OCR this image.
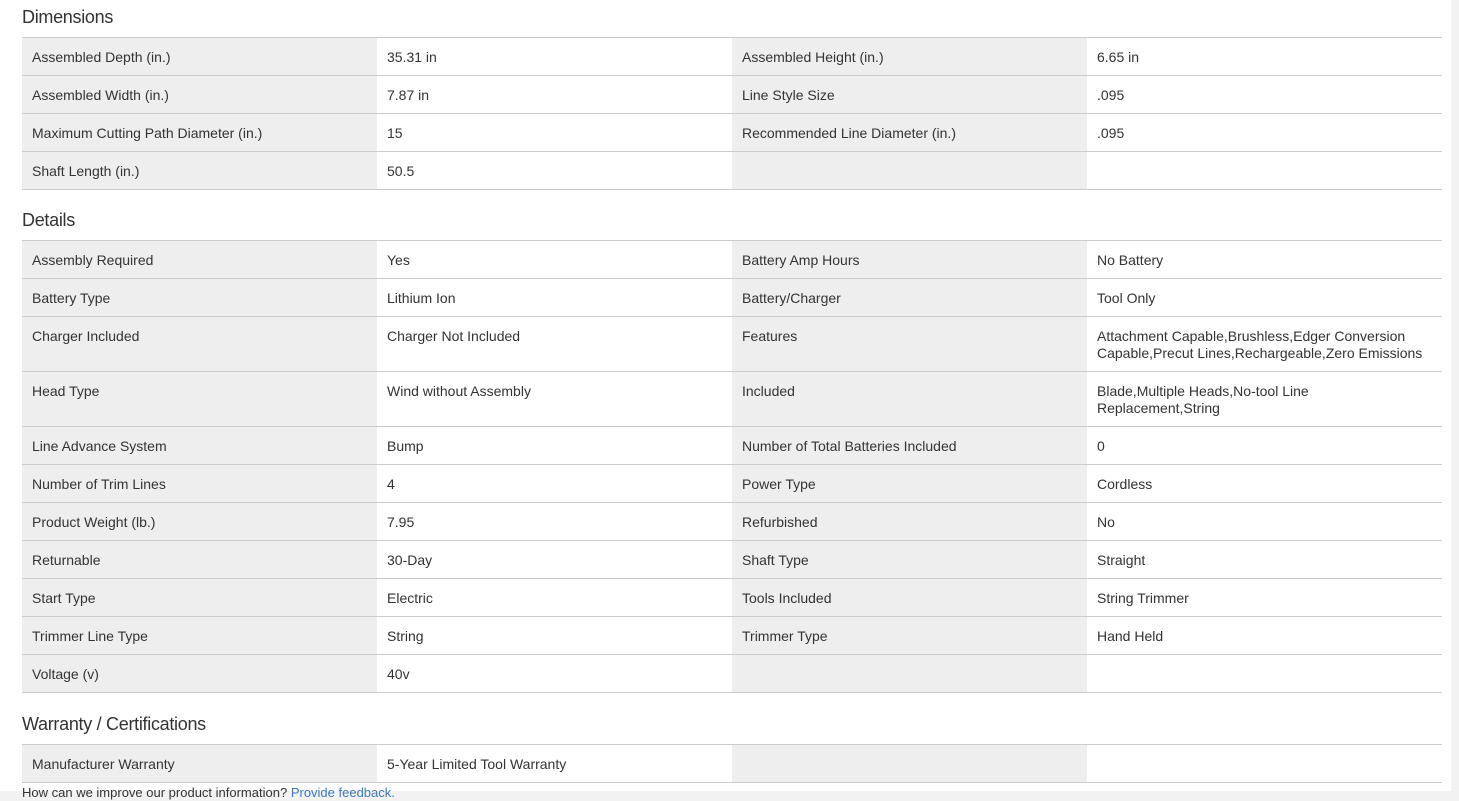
Dimensions
Assembled Depth (in.)	35.31 in	Assembled Height (in.)	6.65 in
Assembled Width (in.)	7.87 in	Line Style Size	.095
Maximum Cutting Path Diameter (in.)	15	Recommended Line Diameter (in.)	.095
Shaft Length (in.)	50.5
Details
Assembly Required	Yes	Battery Amp Hours	No Battery
Battery Type	Lithium Ion	Battery/Charger	Tool Only
Charger Included	Charger Not Included	Features	Attachment Capable,Brushless,Edger Conversion Capable,Precut Lines,Rechargeable,Zero Emissions
Head Type	Wind without Assembly	Included	Blade,Multiple Heads,No-tool Line Replacement,String
Line Advance System	Bump	Number of Total Batteries Included	0
Number of Trim Lines	4	Power Type	Cordless
Product Weight (lb.)	7.95	Refurbished	No
Returnable	30-Day	Shaft Type	Straight
Start Type	Electric	Tools Included	String Trimmer
Trimmer Line Type	String	Trimmer Type	Hand Held
Voltage (v)	40v
Warranty / Certifications
Manufacturer Warranty	5-Year Limited Tool Warranty
How can we improve our product information? Provide feedback.
